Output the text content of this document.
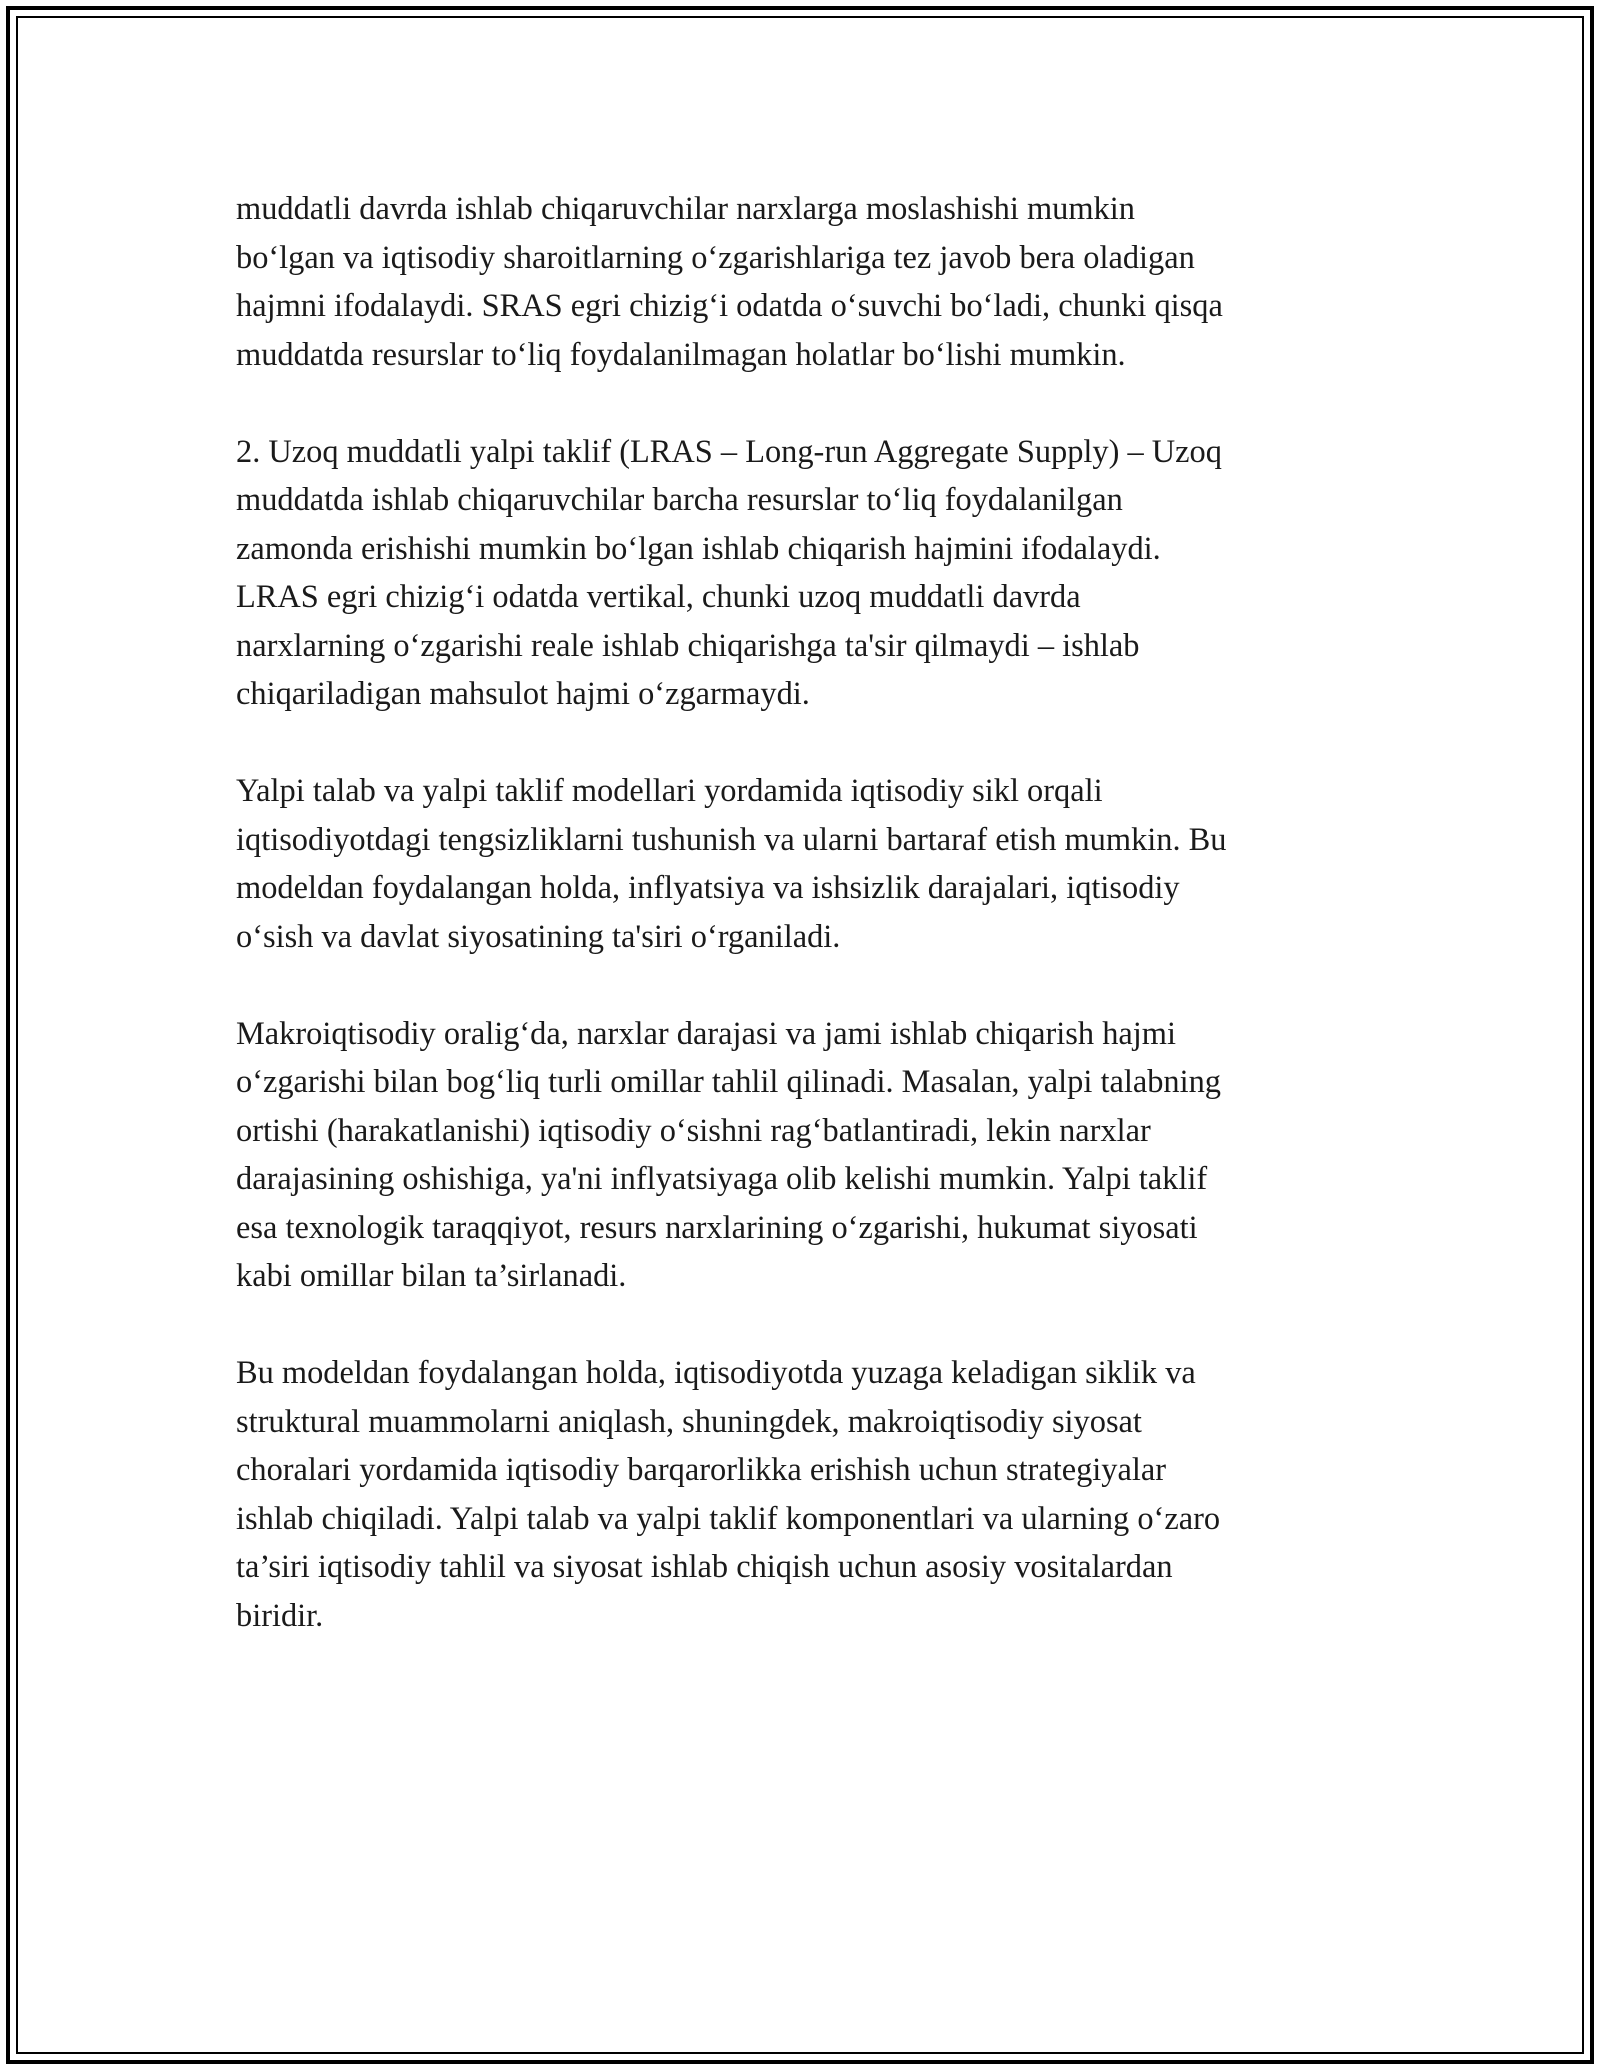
muddatli davrda ishlab chiqaruvchilar narxlarga moslashishi mumkin
boʻlgan va iqtisodiy sharoitlarning oʻzgarishlariga tez javob bera oladigan
hajmni ifodalaydi. SRAS egri chizigʻi odatda oʻsuvchi boʻladi, chunki qisqa
muddatda resurslar toʻliq foydalanilmagan holatlar boʻlishi mumkin.

2. Uzoq muddatli yalpi taklif (LRAS – Long-run Aggregate Supply) – Uzoq
muddatda ishlab chiqaruvchilar barcha resurslar toʻliq foydalanilgan
zamonda erishishi mumkin boʻlgan ishlab chiqarish hajmini ifodalaydi.
LRAS egri chizigʻi odatda vertikal, chunki uzoq muddatli davrda
narxlarning oʻzgarishi reale ishlab chiqarishga ta'sir qilmaydi – ishlab
chiqariladigan mahsulot hajmi oʻzgarmaydi.

Yalpi talab va yalpi taklif modellari yordamida iqtisodiy sikl orqali
iqtisodiyotdagi tengsizliklarni tushunish va ularni bartaraf etish mumkin. Bu
modeldan foydalangan holda, inflyatsiya va ishsizlik darajalari, iqtisodiy
oʻsish va davlat siyosatining ta'siri oʻrganiladi.

Makroiqtisodiy oraligʻda, narxlar darajasi va jami ishlab chiqarish hajmi
oʻzgarishi bilan bogʻliq turli omillar tahlil qilinadi. Masalan, yalpi talabning
ortishi (harakatlanishi) iqtisodiy oʻsishni ragʻbatlantiradi, lekin narxlar
darajasining oshishiga, ya'ni inflyatsiyaga olib kelishi mumkin. Yalpi taklif
esa texnologik taraqqiyot, resurs narxlarining oʻzgarishi, hukumat siyosati
kabi omillar bilan ta’sirlanadi.

Bu modeldan foydalangan holda, iqtisodiyotda yuzaga keladigan siklik va
struktural muammolarni aniqlash, shuningdek, makroiqtisodiy siyosat
choralari yordamida iqtisodiy barqarorlikka erishish uchun strategiyalar
ishlab chiqiladi. Yalpi talab va yalpi taklif komponentlari va ularning oʻzaro
ta’siri iqtisodiy tahlil va siyosat ishlab chiqish uchun asosiy vositalardan
biridir.
